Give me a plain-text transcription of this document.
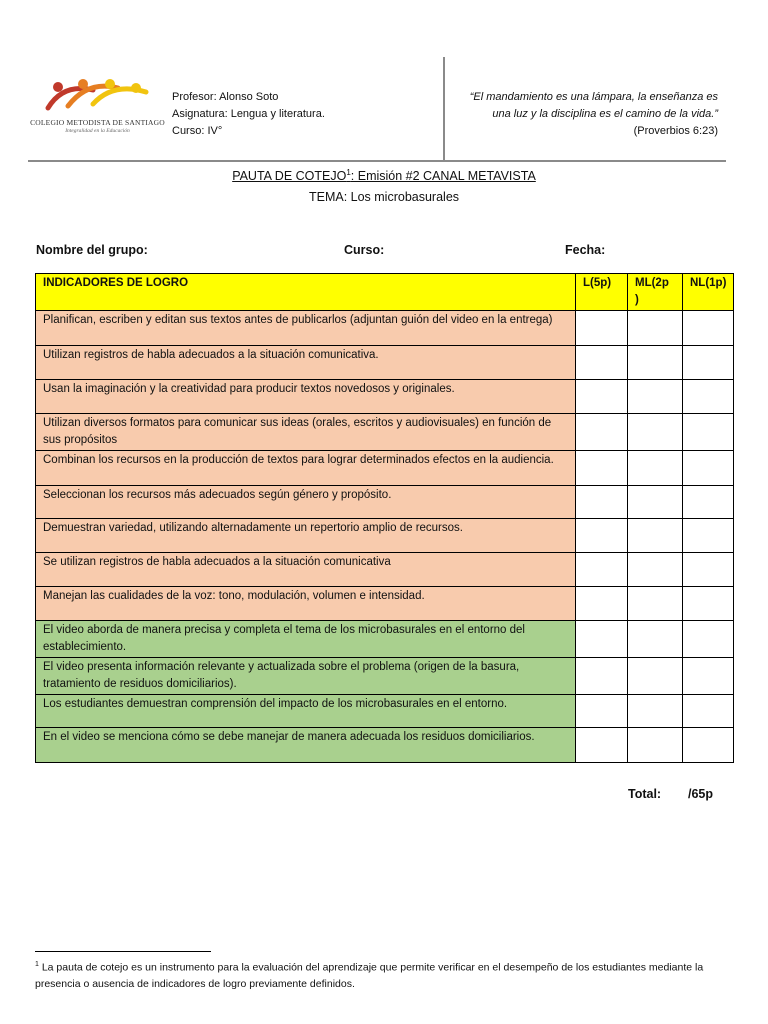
COLEGIO METODISTA DE SANTIAGO
Integralidad en la Educación
Profesor: Alonso Soto
Asignatura: Lengua y literatura.
Curso: IV°
“El mandamiento es una lámpara, la enseñanza es
una luz y la disciplina es el camino de la vida.”
(Proverbios 6:23)
PAUTA DE COTEJO$^1$: Emisión #2 CANAL METAVISTA
TEMA: Los microbasurales
Nombre del grupo:	Curso:	Fecha:
INDICADORES DE LOGRO	L(5p)	ML(2p )	NL(1p)
Planifican, escriben y editan sus textos antes de publicarlos (adjuntan guión del video en la entrega)			
Utilizan registros de habla adecuados a la situación comunicativa.			
Usan la imaginación y la creatividad para producir textos novedosos y originales.			
Utilizan diversos formatos para comunicar sus ideas (orales, escritos y audiovisuales) en función de sus propósitos			
Combinan los recursos en la producción de textos para lograr determinados efectos en la audiencia.			
Seleccionan los recursos más adecuados según género y propósito.			
Demuestran variedad, utilizando alternadamente un repertorio amplio de recursos.			
Se utilizan registros de habla adecuados a la situación comunicativa			
Manejan las cualidades de la voz: tono, modulación, volumen e intensidad.			
El video aborda de manera precisa y completa el tema de los microbasurales en el entorno del establecimiento.			
El video presenta información relevante y actualizada sobre el problema (origen de la basura, tratamiento de residuos domiciliarios).			
Los estudiantes demuestran comprensión del impacto de los microbasurales en el entorno.			
En el video se menciona cómo se debe manejar de manera adecuada los residuos domiciliarios.			
Total: /65p
$^1$ La pauta de cotejo es un instrumento para la evaluación del aprendizaje que permite verificar en el desempeño de los estudiantes mediante la presencia o ausencia de indicadores de logro previamente definidos.
